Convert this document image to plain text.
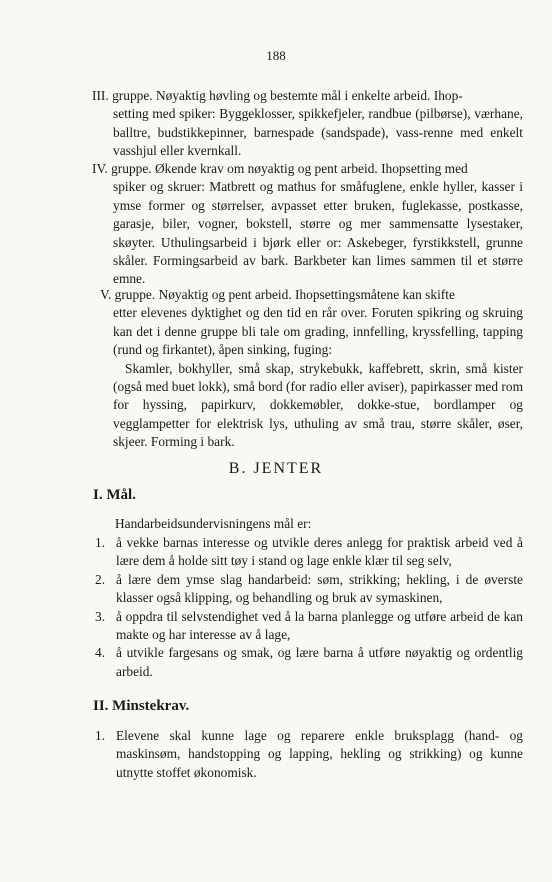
188

III. gruppe. Nøyaktig høvling og bestemte mål i enkelte arbeid. Ihop-

setting med spiker: Byggeklosser, spikkefjeler, randbue (pilbørse), værhane, balltre, budstikkepinner, barnespade (sandspade), vass-renne med enkelt vasshjul eller kvernkall.

IV. gruppe. Økende krav om nøyaktig og pent arbeid. Ihopsetting med

spiker og skruer: Matbrett og mathus for småfuglene, enkle hyller, kasser i ymse former og størrelser, avpasset etter bruken, fuglekasse, postkasse, garasje, biler, vogner, bokstell, større og mer sammensatte lysestaker, skøyter. Uthulingsarbeid i bjørk eller or: Askebeger, fyrstikkstell, grunne skåler. Formingsarbeid av bark. Barkbeter kan limes sammen til et større emne.

V. gruppe. Nøyaktig og pent arbeid. Ihopsettingsmåtene kan skifte

etter elevenes dyktighet og den tid en rår over. Foruten spikring og skruing kan det i denne gruppe bli tale om grading, innfelling, kryssfelling, tapping (rund og firkantet), åpen sinking, fuging:

Skamler, bokhyller, små skap, strykebukk, kaffebrett, skrin, små kister (også med buet lokk), små bord (for radio eller aviser), papirkasser med rom for hyssing, papirkurv, dokkemøbler, dokke-stue, bordlamper og vegglampetter for elektrisk lys, uthuling av små trau, større skåler, øser, skjeer. Forming i bark.

B. JENTER
I. Mål.
Handarbeidsundervisningens mål er:
1. å vekke barnas interesse og utvikle deres anlegg for praktisk arbeid ved å lære dem å holde sitt tøy i stand og lage enkle klær til seg selv,
2. å lære dem ymse slag handarbeid: søm, strikking; hekling, i de øverste klasser også klipping, og behandling og bruk av symaskinen,
3. å oppdra til selvstendighet ved å la barna planlegge og utføre arbeid de kan makte og har interesse av å lage,
4. å utvikle fargesans og smak, og lære barna å utføre nøyaktig og ordentlig arbeid.
II. Minstekrav.
1. Elevene skal kunne lage og reparere enkle bruksplagg (hand- og maskinsøm, handstopping og lapping, hekling og strikking) og kunne utnytte stoffet økonomisk.
